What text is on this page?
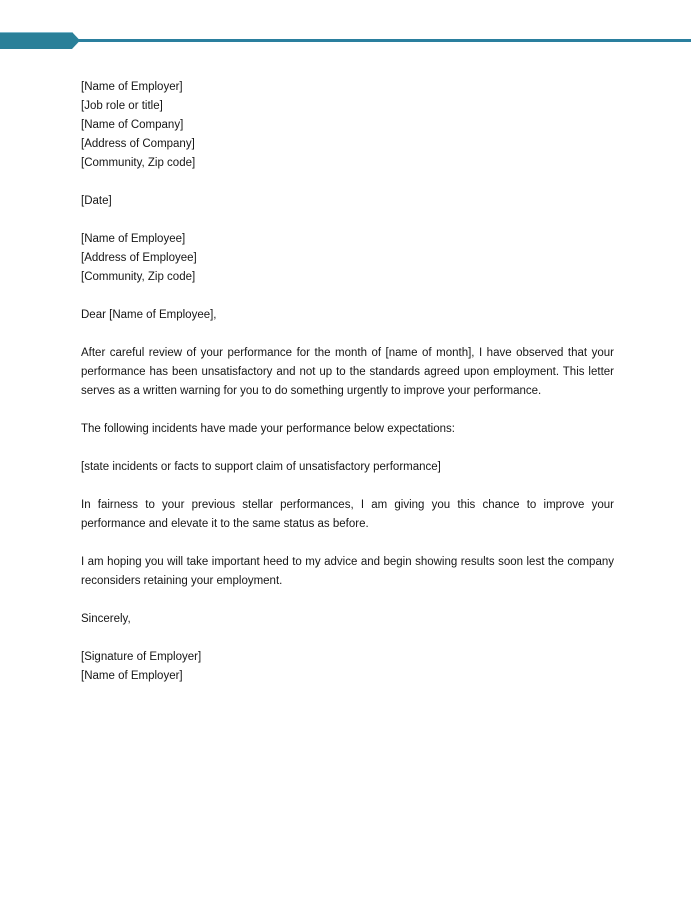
[Name of Employer]
[Job role or title]
[Name of Company]
[Address of Company]
[Community, Zip code]
[Date]
[Name of Employee]
[Address of Employee]
[Community, Zip code]
Dear [Name of Employee],

After careful review of your performance for the month of [name of month], I have observed that your performance has been unsatisfactory and not up to the standards agreed upon employment. This letter serves as a written warning for you to do something urgently to improve your performance.

The following incidents have made your performance below expectations:

[state incidents or facts to support claim of unsatisfactory performance]

In fairness to your previous stellar performances, I am giving you this chance to improve your performance and elevate it to the same status as before.

I am hoping you will take important heed to my advice and begin showing results soon lest the company reconsiders retaining your employment.

Sincerely,
[Signature of Employer]
[Name of Employer]
